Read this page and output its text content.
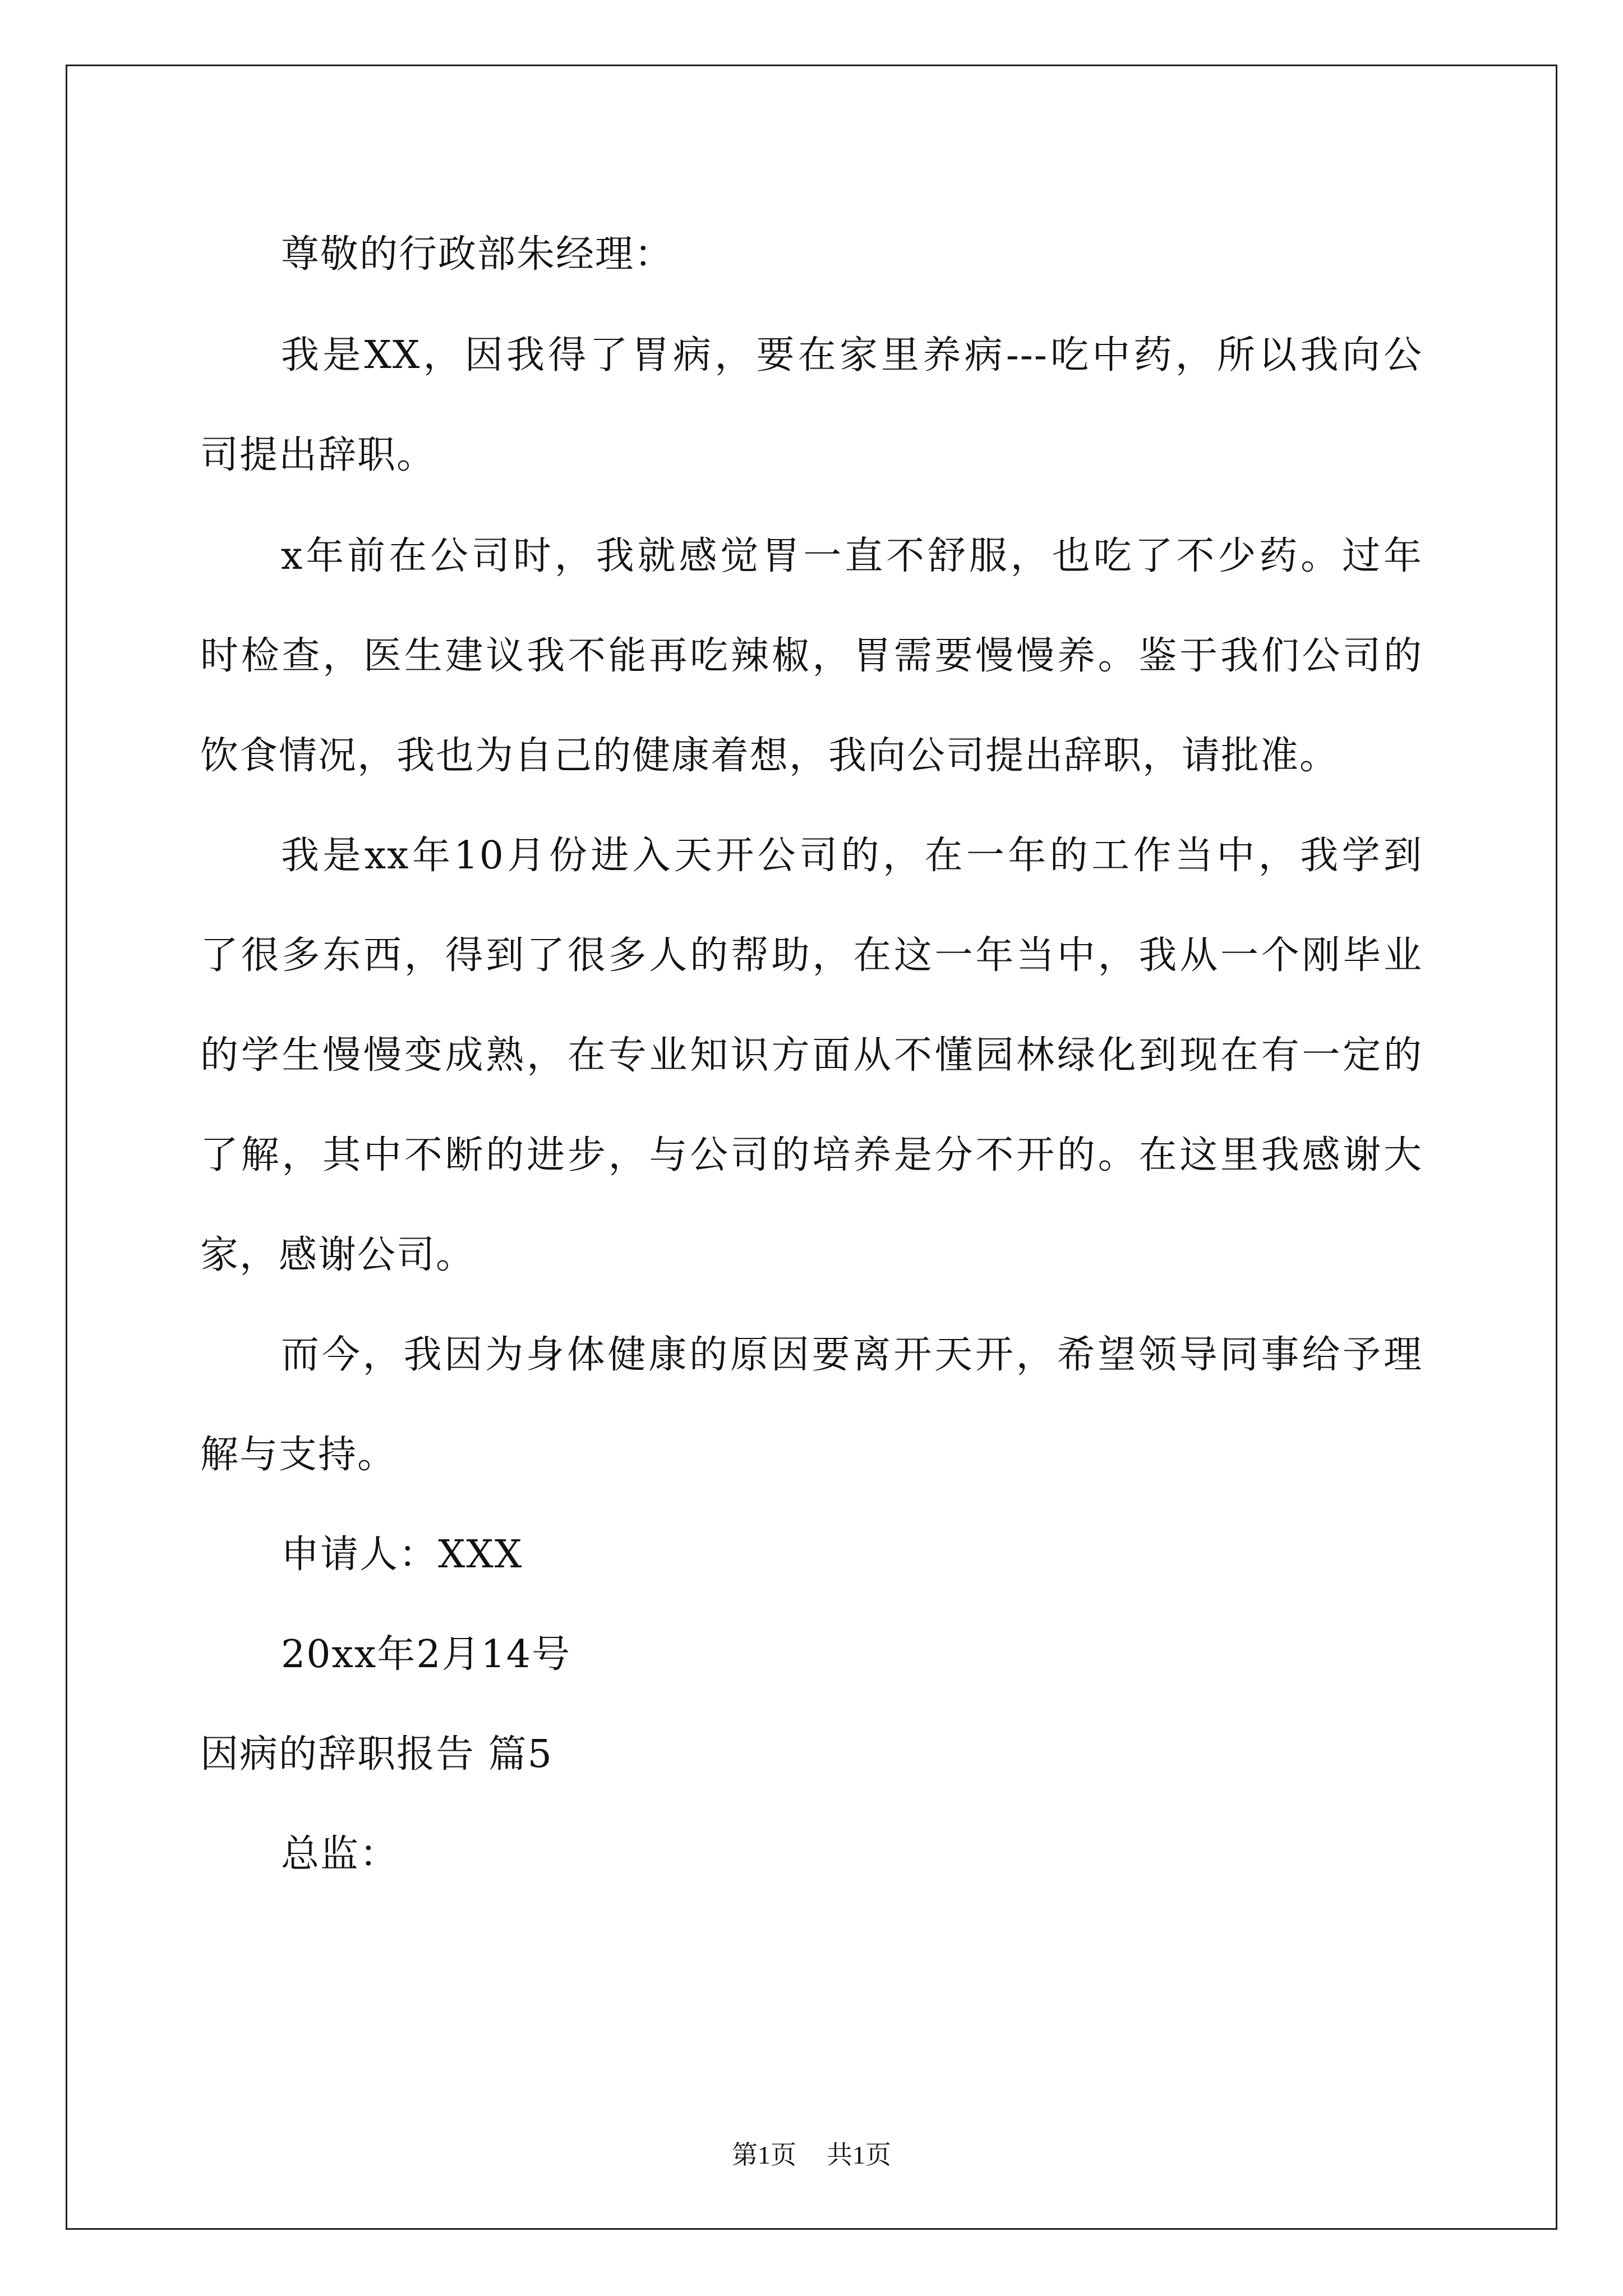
尊敬的行政部朱经理：
我是XX，因我得了胃病，要在家里养病---吃中药，所以我向公
司提出辞职。
x年前在公司时，我就感觉胃一直不舒服，也吃了不少药。过年
时检查，医生建议我不能再吃辣椒，胃需要慢慢养。鉴于我们公司的
饮食情况，我也为自己的健康着想，我向公司提出辞职，请批准。
我是xx年10月份进入天开公司的，在一年的工作当中，我学到
了很多东西，得到了很多人的帮助，在这一年当中，我从一个刚毕业
的学生慢慢变成熟，在专业知识方面从不懂园林绿化到现在有一定的
了解，其中不断的进步，与公司的培养是分不开的。在这里我感谢大
家，感谢公司。
而今，我因为身体健康的原因要离开天开，希望领导同事给予理
解与支持。
申请人：XXX
20xx年2月14号
因病的辞职报告 篇5
总监：
第1页 共1页
